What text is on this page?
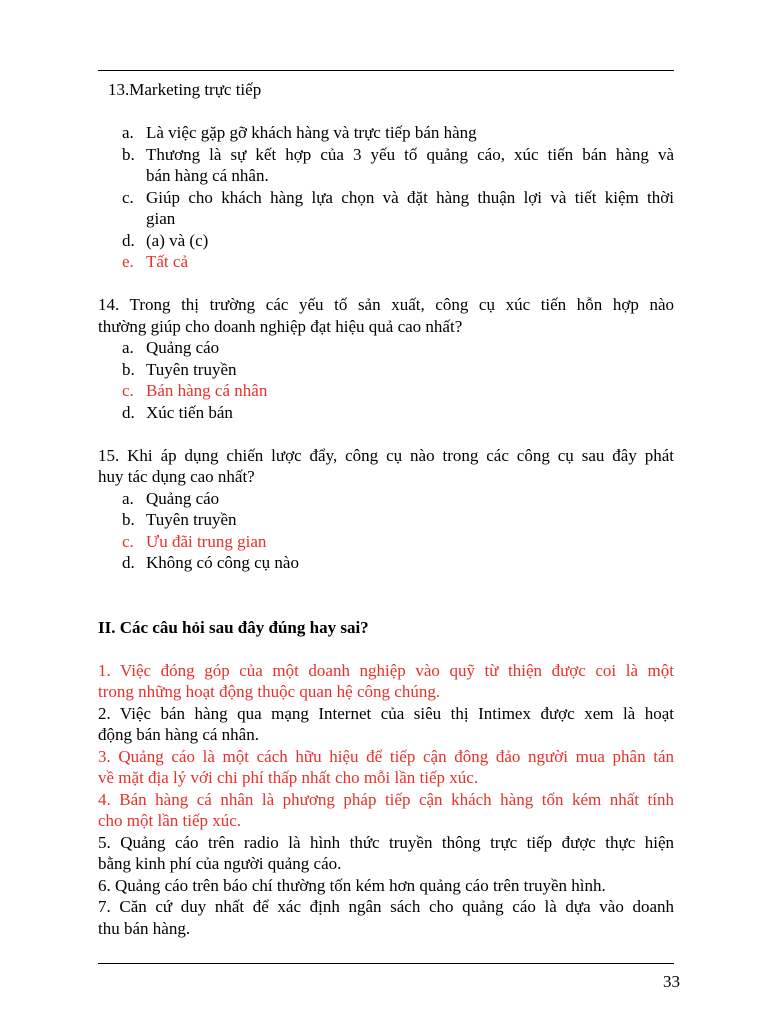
13.Marketing trực tiếp
a. Là việc gặp gỡ khách hàng và trực tiếp bán hàng
b. Thương là sự kết hợp của 3 yếu tố quảng cáo, xúc tiến bán hàng và
bán hàng cá nhân.
c. Giúp cho khách hàng lựa chọn và đặt hàng thuận lợi và tiết kiệm thời
gian
d. (a) và (c)
e. Tất cả
14. Trong thị trường các yếu tố sản xuất, công cụ xúc tiến hỗn hợp nào
thường giúp cho doanh nghiệp đạt hiệu quả cao nhất?
a. Quảng cáo
b. Tuyên truyền
c. Bán hàng cá nhân
d. Xúc tiến bán
15. Khi áp dụng chiến lược đẩy, công cụ nào trong các công cụ sau đây phát
huy tác dụng cao nhất?
a. Quảng cáo
b. Tuyên truyền
c. Ưu đãi trung gian
d. Không có công cụ nào
II. Các câu hỏi sau đây đúng hay sai?
1. Việc đóng góp của một doanh nghiệp vào quỹ từ thiện được coi là một
trong những hoạt động thuộc quan hệ công chúng.
2. Việc bán hàng qua mạng Internet của siêu thị Intimex được xem là hoạt
động bán hàng cá nhân.
3. Quảng cáo là một cách hữu hiệu để tiếp cận đông đảo người mua phân tán
về mặt địa lý với chi phí thấp nhất cho mỗi lần tiếp xúc.
4. Bán hàng cá nhân là phương pháp tiếp cận khách hàng tốn kém nhất tính
cho một lần tiếp xúc.
5. Quảng cáo trên radio là hình thức truyền thông trực tiếp được thực hiện
bằng kinh phí của người quảng cáo.
6. Quảng cáo trên báo chí thường tốn kém hơn quảng cáo trên truyền hình.
7. Căn cứ duy nhất để xác định ngân sách cho quảng cáo là dựa vào doanh
thu bán hàng.
33
